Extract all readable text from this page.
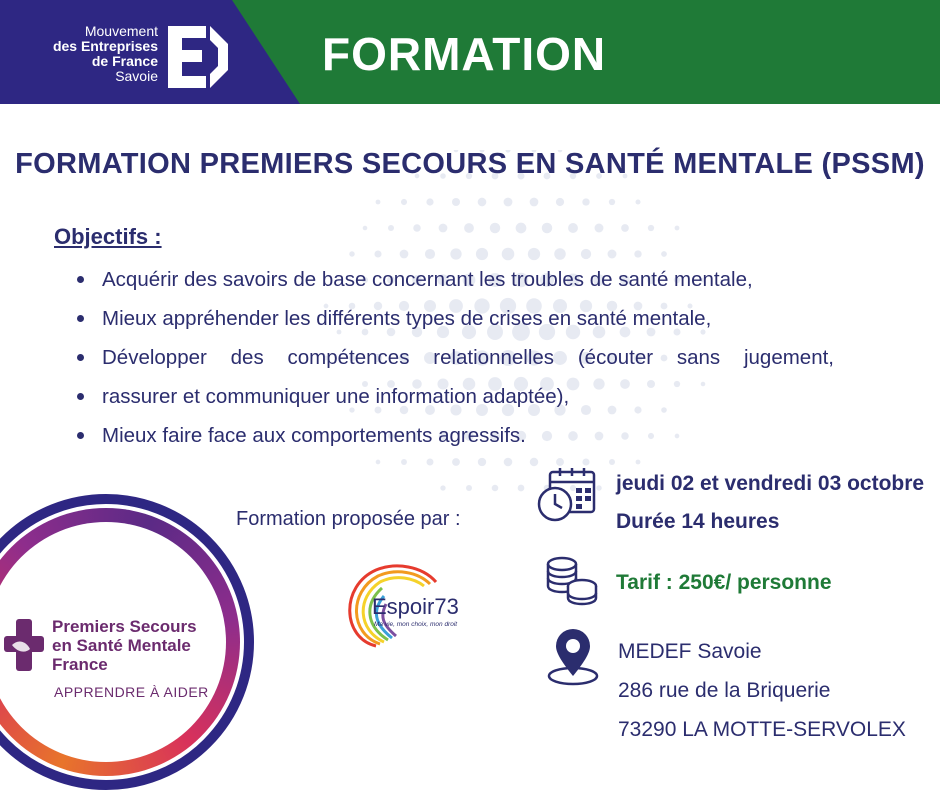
Mouvement
des Entreprises
de France
Savoie	FORMATION
FORMATION PREMIERS SECOURS EN SANTÉ MENTALE (PSSM)
Objectifs :
Acquérir des savoirs de base concernant les troubles de santé mentale,
Mieux appréhender les différents types de crises en santé mentale,
Développer des compétences relationnelles (écouter sans jugement,
rassurer et communiquer une information adaptée),
Mieux faire face aux comportements agressifs.
Premiers Secours
en Santé Mentale
France
APPRENDRE À AIDER
Formation proposée par :
Espoir73
Ma vie, mon choix, mon droit
jeudi 02 et vendredi 03 octobre
Durée 14 heures
Tarif : 250€/ personne
MEDEF Savoie
286 rue de la Briquerie
73290 LA MOTTE-SERVOLEX
